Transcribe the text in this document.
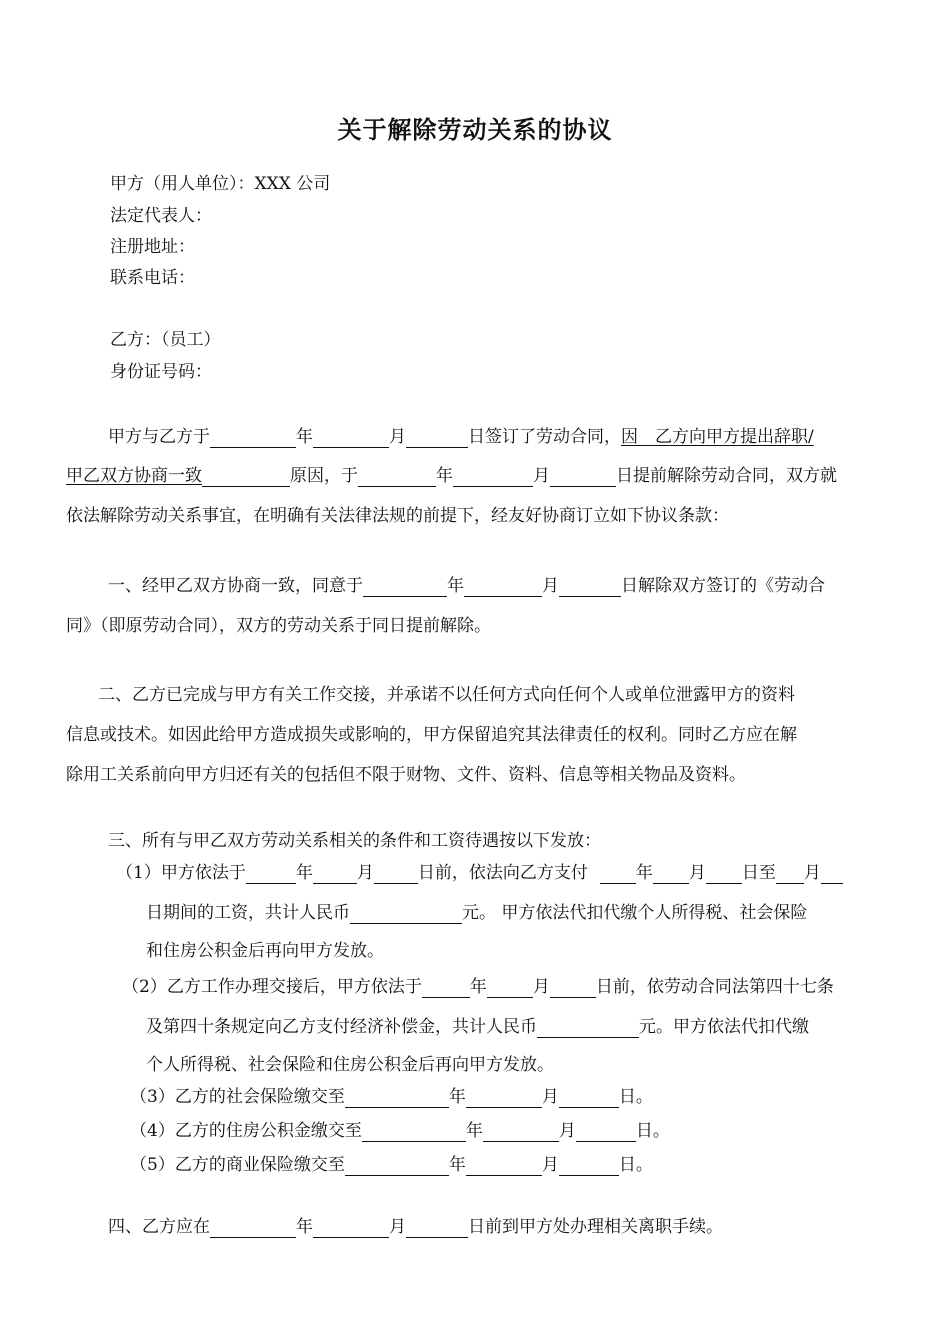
关于解除劳动关系的协议
甲方（用人单位）：XXX 公司
法定代表人：
注册地址：
联系电话：
乙方：（员工）
身份证号码：
甲方与乙方于	年	月	日签订了劳动合同，因　乙方向甲方提出辞职/
甲乙双方协商一致	原因，于	年	月	日提前解除劳动合同，双方就
依法解除劳动关系事宜，在明确有关法律法规的前提下，经友好协商订立如下协议条款：
一、经甲乙双方协商一致，同意于	年	月	日解除双方签订的《劳动合
同》（即原劳动合同），双方的劳动关系于同日提前解除。
二、乙方已完成与甲方有关工作交接，并承诺不以任何方式向任何个人或单位泄露甲方的资料
信息或技术。如因此给甲方造成损失或影响的，甲方保留追究其法律责任的权利。同时乙方应在解
除用工关系前向甲方归还有关的包括但不限于财物、文件、资料、信息等相关物品及资料。
三、所有与甲乙双方劳动关系相关的条件和工资待遇按以下发放：
（1）甲方依法于	年	月	日前，依法向乙方支付	年 月 日至 月
日期间的工资，共计人民币	元。 甲方依法代扣代缴个人所得税、社会保险
和住房公积金后再向甲方发放。
（2）乙方工作办理交接后，甲方依法于	年	月	日前，依劳动合同法第四十七条
及第四十条规定向乙方支付经济补偿金，共计人民币	元。甲方依法代扣代缴
个人所得税、社会保险和住房公积金后再向甲方发放。
（3）乙方的社会保险缴交至	年	月	日。
（4）乙方的住房公积金缴交至	年	月	日。
（5）乙方的商业保险缴交至	年	月	日。
四、乙方应在	年	月	日前到甲方处办理相关离职手续。
